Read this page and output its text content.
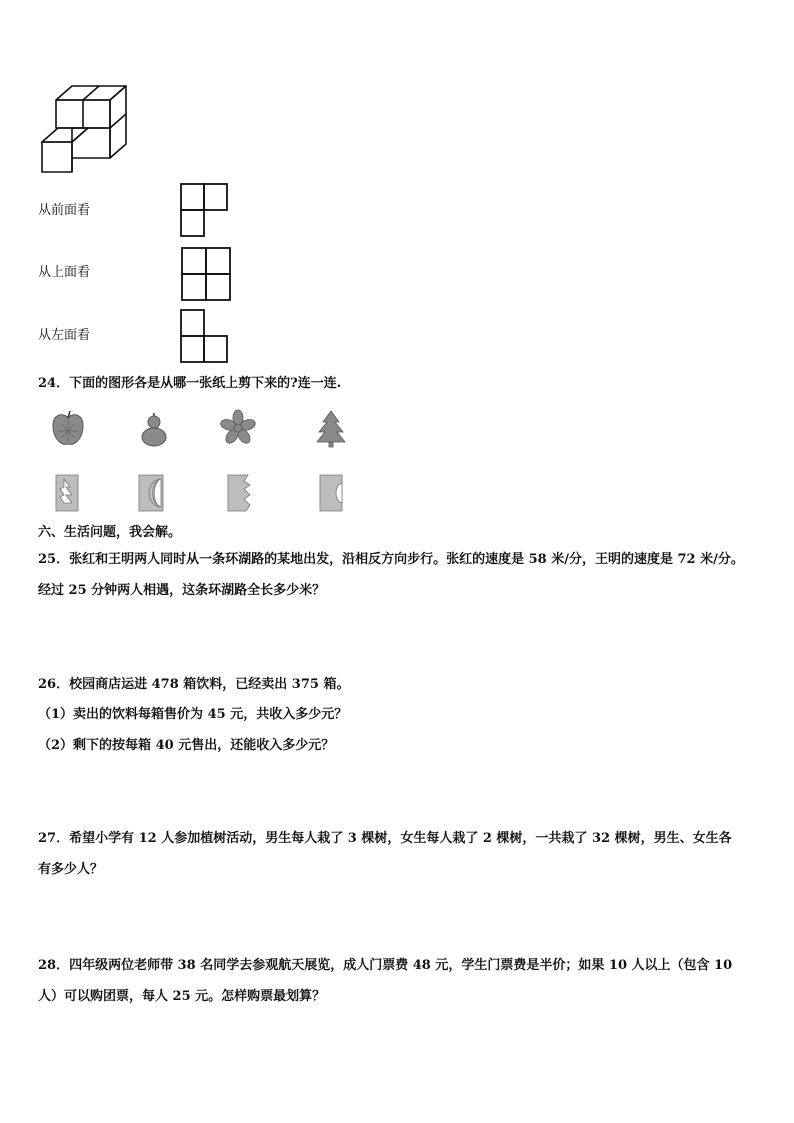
从前面看
从上面看
从左面看
24．下面的图形各是从哪一张纸上剪下来的?连一连.
六、生活问题，我会解。
25．张红和王明两人同时从一条环湖路的某地出发，沿相反方向步行。张红的速度是 58 米/分，王明的速度是 72 米/分。
经过 25 分钟两人相遇，这条环湖路全长多少米？
26．校园商店运进 478 箱饮料，已经卖出 375 箱。
（1）卖出的饮料每箱售价为 45 元，共收入多少元？
（2）剩下的按每箱 40 元售出，还能收入多少元？
27．希望小学有 12 人参加植树活动，男生每人栽了 3 棵树，女生每人栽了 2 棵树，一共栽了 32 棵树，男生、女生各
有多少人？
28．四年级两位老师带 38 名同学去参观航天展览，成人门票费 48 元，学生门票费是半价；如果 10 人以上（包含 10
人）可以购团票，每人 25 元。怎样购票最划算？
